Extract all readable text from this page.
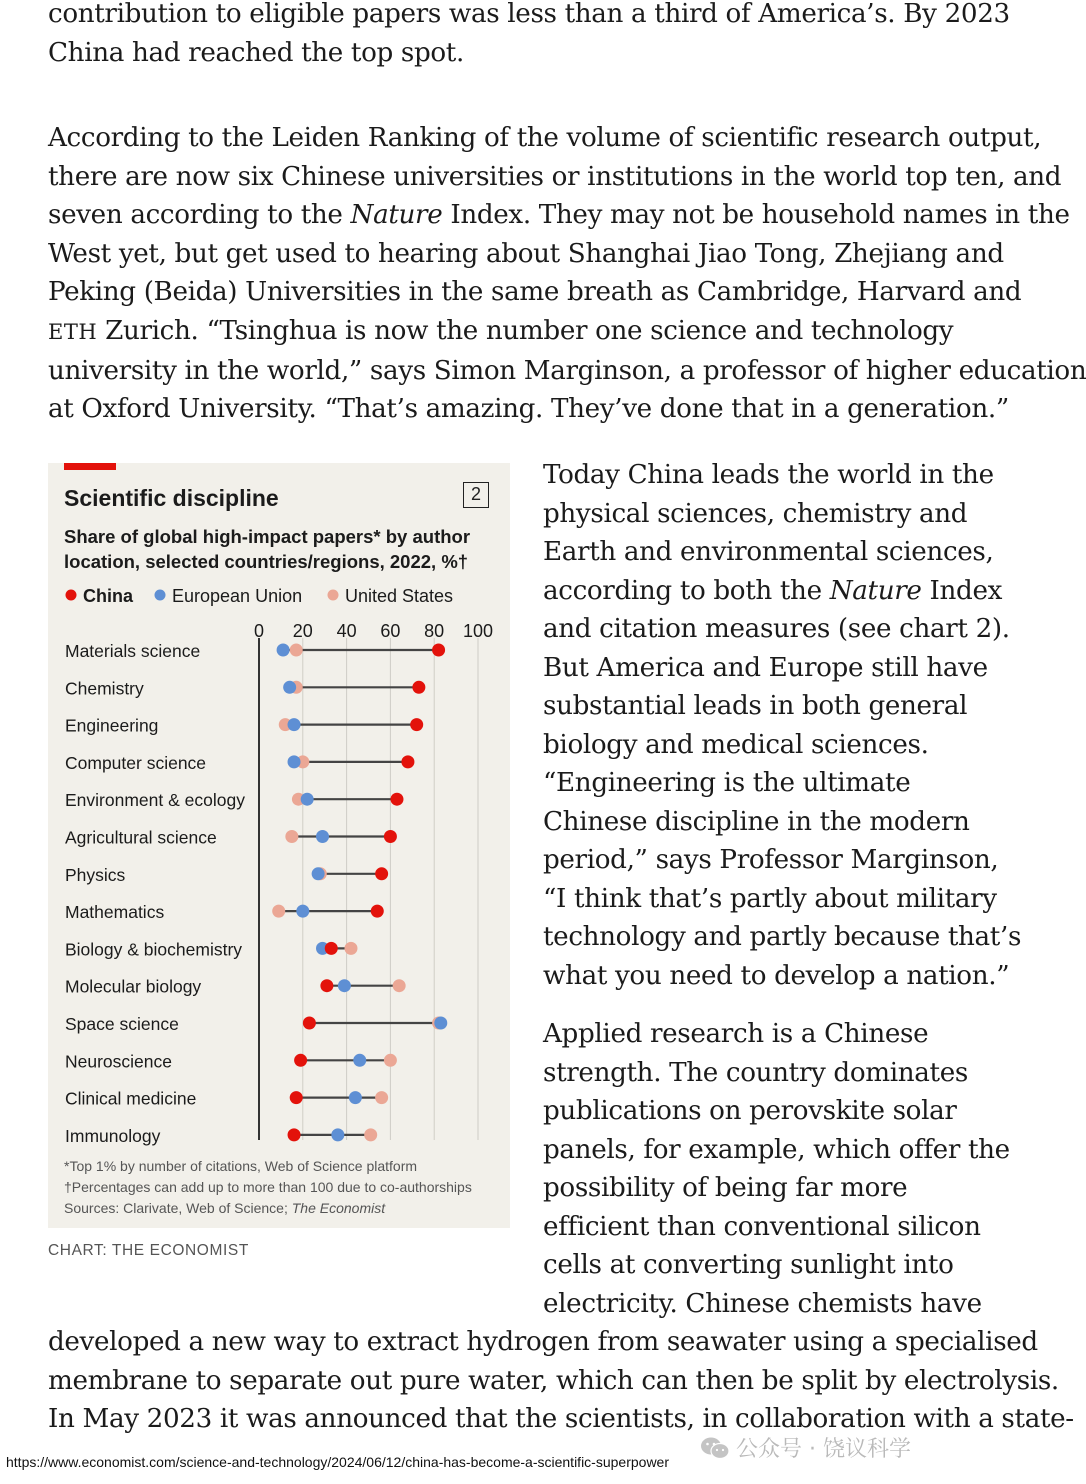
contribution to eligible papers was less than a third of America’s. By 2023
China had reached the top spot.

According to the Leiden Ranking of the volume of scientific research output,
there are now six Chinese universities or institutions in the world top ten, and
seven according to the Nature Index. They may not be household names in the
West yet, but get used to hearing about Shanghai Jiao Tong, Zhejiang and
Peking (Beida) Universities in the same breath as Cambridge, Harvard and
ETH Zurich. “Tsinghua is now the number one science and technology
university in the world,” says Simon Marginson, a professor of higher education
at Oxford University. “That’s amazing. They’ve done that in a generation.”

2
Scientific discipline
Share of global high-impact papers* by author
location, selected countries/regions, 2022, %†
China European Union United States
0 20 40 60 80 100
Materials science
Chemistry
Engineering
Computer science
Environment & ecology
Agricultural science
Physics
Mathematics
Biology & biochemistry
Molecular biology
Space science
Neuroscience
Clinical medicine
Immunology
*Top 1% by number of citations, Web of Science platform
†Percentages can add up to more than 100 due to co-authorships
Sources: Clarivate, Web of Science; The Economist
CHART: THE ECONOMIST

Today China leads the world in the
physical sciences, chemistry and
Earth and environmental sciences,
according to both the Nature Index
and citation measures (see chart 2).
But America and Europe still have
substantial leads in both general
biology and medical sciences.
“Engineering is the ultimate
Chinese discipline in the modern
period,” says Professor Marginson,
“I think that’s partly about military
technology and partly because that’s
what you need to develop a nation.”

Applied research is a Chinese
strength. The country dominates
publications on perovskite solar
panels, for example, which offer the
possibility of being far more
efficient than conventional silicon
cells at converting sunlight into
electricity. Chinese chemists have

developed a new way to extract hydrogen from seawater using a specialised
membrane to separate out pure water, which can then be split by electrolysis.
In May 2023 it was announced that the scientists, in collaboration with a state-

https://www.economist.com/science-and-technology/2024/06/12/china-has-become-a-scientific-superpower	公众号 · 饶议科学
